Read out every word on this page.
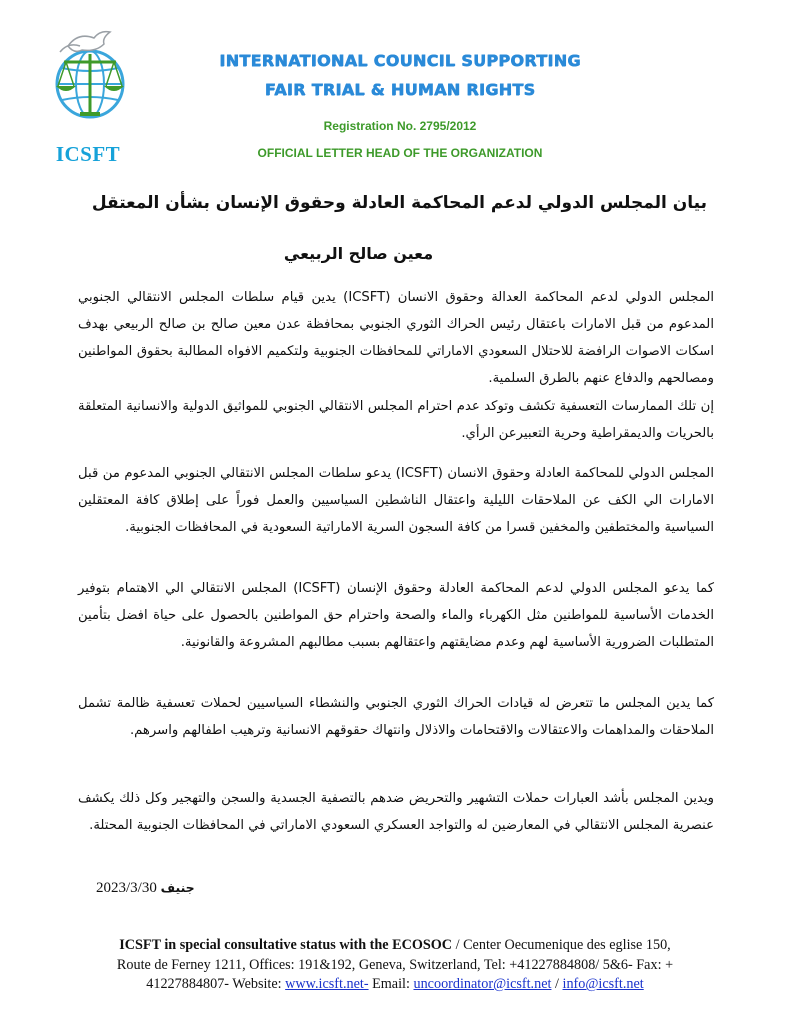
ICSFT
INTERNATIONAL COUNCIL SUPPORTING
FAIR TRIAL & HUMAN RIGHTS
Registration No. 2795/2012
OFFICIAL LETTER HEAD OF THE ORGANIZATION
بيان المجلس الدولي لدعم المحاكمة العادلة وحقوق الإنسان بشأن المعتقل
معين صالح الربيعي
المجلس الدولي لدعم المحاكمة العدالة وحقوق الانسان (ICSFT) يدين قيام سلطات المجلس الانتقالي الجنوبي المدعوم من قبل الامارات باعتقال رئيس الحراك الثوري الجنوبي بمحافظة عدن معين صالح بن صالح الربيعي بهدف اسكات الاصوات الرافضة للاحتلال السعودي الاماراتي للمحافظات الجنوبية ولتكميم الافواه المطالبة بحقوق المواطنين ومصالحهم والدفاع عنهم بالطرق السلمية.
إن تلك الممارسات التعسفية تكشف وتوكد عدم احترام المجلس الانتقالي الجنوبي للمواثيق الدولية والانسانية المتعلقة بالحريات والديمقراطية وحرية التعبيرعن الرأي.
المجلس الدولي للمحاكمة العادلة وحقوق الانسان (ICSFT) يدعو سلطات المجلس الانتقالي الجنوبي المدعوم من قبل الامارات الي الكف عن الملاحقات الليلية واعتقال الناشطين السياسيين والعمل فوراً على إطلاق كافة المعتقلين السياسية والمختطفين والمخفين قسرا من كافة السجون السرية الاماراتية السعودية في المحافظات الجنوبية.
كما يدعو المجلس الدولي لدعم المحاكمة العادلة وحقوق الإنسان (ICSFT) المجلس الانتقالي الي الاهتمام بتوفير الخدمات الأساسية للمواطنين مثل الكهرباء والماء والصحة واحترام حق المواطنين بالحصول على حياة افضل بتأمين المتطلبات الضرورية الأساسية لهم وعدم مضايقتهم واعتقالهم بسبب مطالبهم المشروعة والقانونية.
كما يدين المجلس ما تتعرض له قيادات الحراك الثوري الجنوبي والنشطاء السياسيين لحملات تعسفية ظالمة تشمل الملاحقات والمداهمات والاعتقالات والاقتحامات والاذلال وانتهاك حقوقهم الانسانية وترهيب اطفالهم واسرهم.
ويدين المجلس بأشد العبارات حملات التشهير والتحريض ضدهم بالتصفية الجسدية والسجن والتهجير وكل ذلك يكشف عنصرية المجلس الانتقالي في المعارضين له والتواجد العسكري السعودي الاماراتي في المحافظات الجنوبية المحتلة.
2023/3/30 جنيف
ICSFT in special consultative status with the ECOSOC / Center Oecumenique des eglise 150,
Route de Ferney 1211, Offices: 191&192, Geneva, Switzerland, Tel: +41227884808/ 5&6- Fax: +
41227884807- Website: www.icsft.net- Email: uncoordinator@icsft.net / info@icsft.net
